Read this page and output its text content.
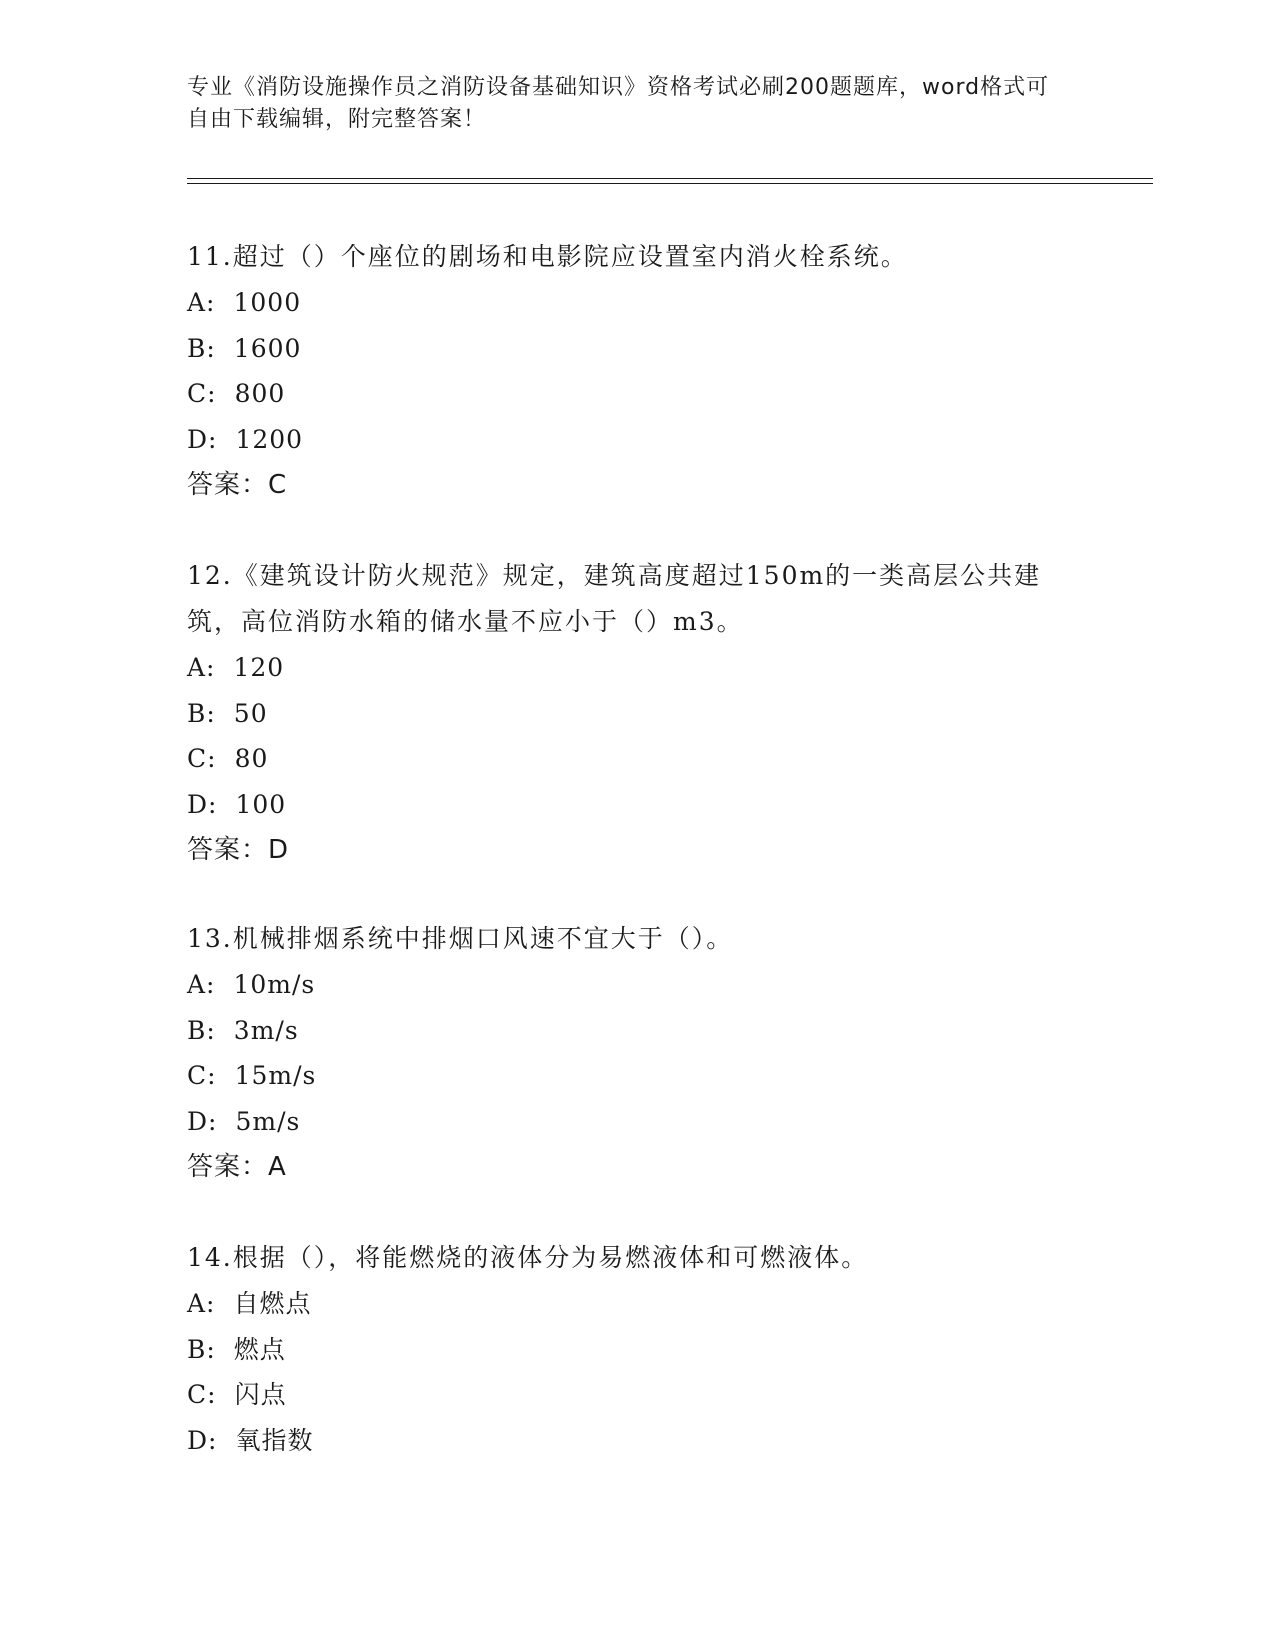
专业《消防设施操作员之消防设备基础知识》资格考试必刷200题题库，word格式可自由下载编辑，附完整答案！

11.超过（）个座位的剧场和电影院应设置室内消火栓系统。

A: 1000

B: 1600

C: 800

D: 1200

答案：C

12.《建筑设计防火规范》规定，建筑高度超过150m的一类高层公共建筑，高位消防水箱的储水量不应小于（）m3。

A: 120

B: 50

C: 80

D: 100

答案：D

13.机械排烟系统中排烟口风速不宜大于（）。

A: 10m/s

B: 3m/s

C: 15m/s

D: 5m/s

答案：A

14.根据（），将能燃烧的液体分为易燃液体和可燃液体。

A: 自燃点

B: 燃点

C: 闪点

D: 氧指数
